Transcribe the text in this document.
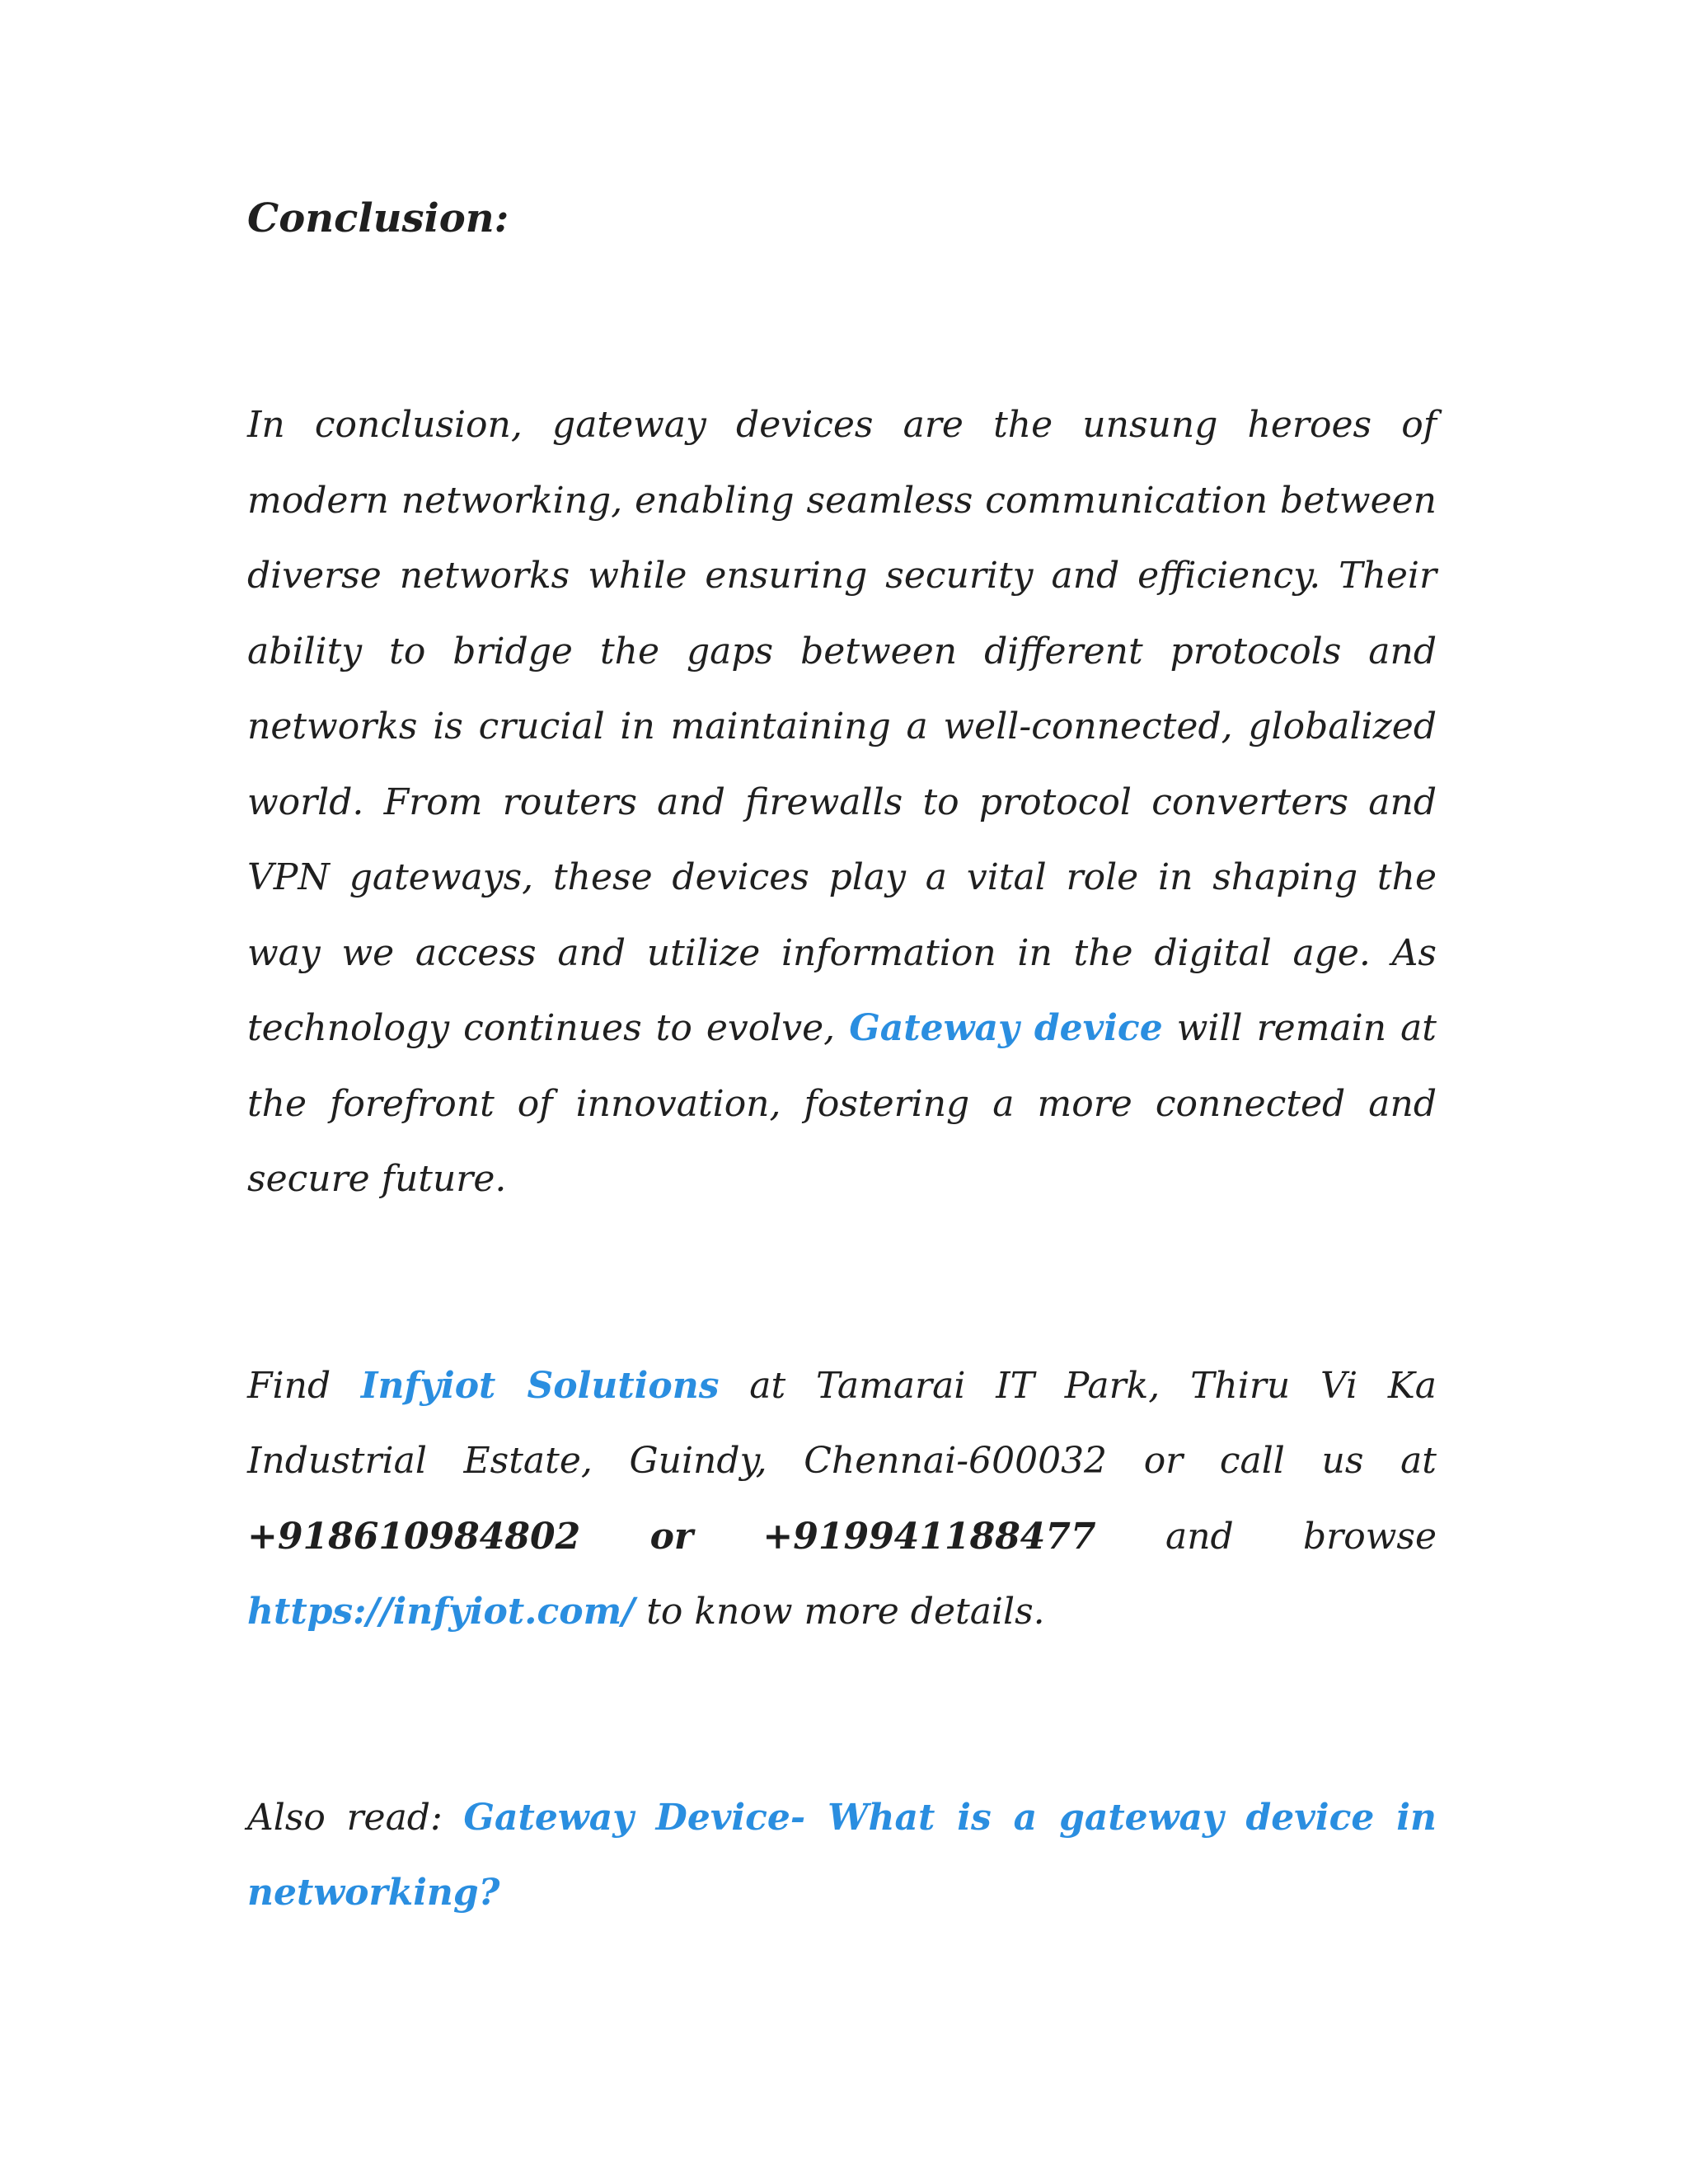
Conclusion:

In conclusion, gateway devices are the unsung heroes of modern networking, enabling seamless communication between diverse networks while ensuring security and efficiency. Their ability to bridge the gaps between different protocols and networks is crucial in maintaining a well-connected, globalized world. From routers and firewalls to protocol converters and VPN gateways, these devices play a vital role in shaping the way we access and utilize information in the digital age. As technology continues to evolve, Gateway device will remain at the forefront of innovation, fostering a more connected and secure future.

Find Infyiot Solutions at Tamarai IT Park, Thiru Vi Ka Industrial Estate, Guindy, Chennai-600032 or call us at +918610984802 or +919941188477 and browse https://infyiot.com/ to know more details.

Also read: Gateway Device- What is a gateway device in networking?
